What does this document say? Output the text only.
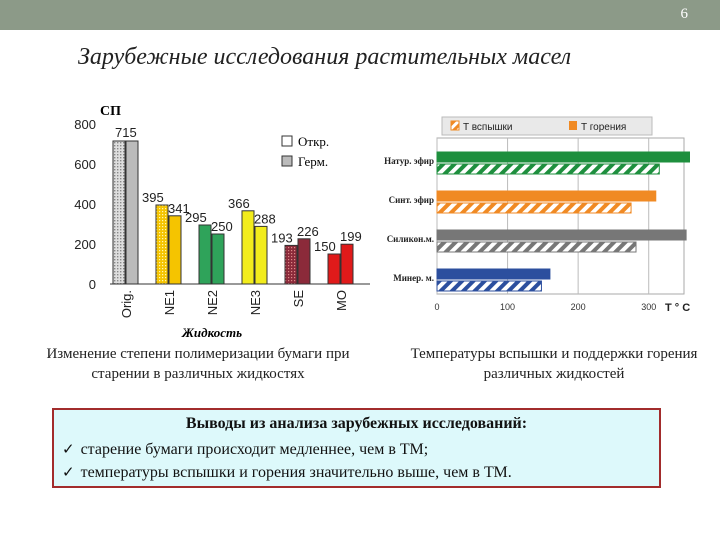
6
Зарубежные исследования растительных масел
СП
0
200
400
600
800
715
Orig.
395
341
NE1
295
250
NE2
366
288
NE3
193 226
SE
150
199
MO
Жидкость
Откр.
Герм.
0	100	200	300 T ° C
T вспышки	T горения
Натур. эфир
Синт. эфир
Силикон.м.
Минер. м.
Изменение степени полимеризации бумаги при старении в различных жидкостях
Температуры вспышки и поддержки горения различных жидкостей
Выводы из анализа зарубежных исследований:
✓ старение бумаги происходит медленнее, чем в ТМ;
✓ температуры вспышки и горения значительно выше, чем в ТМ.
